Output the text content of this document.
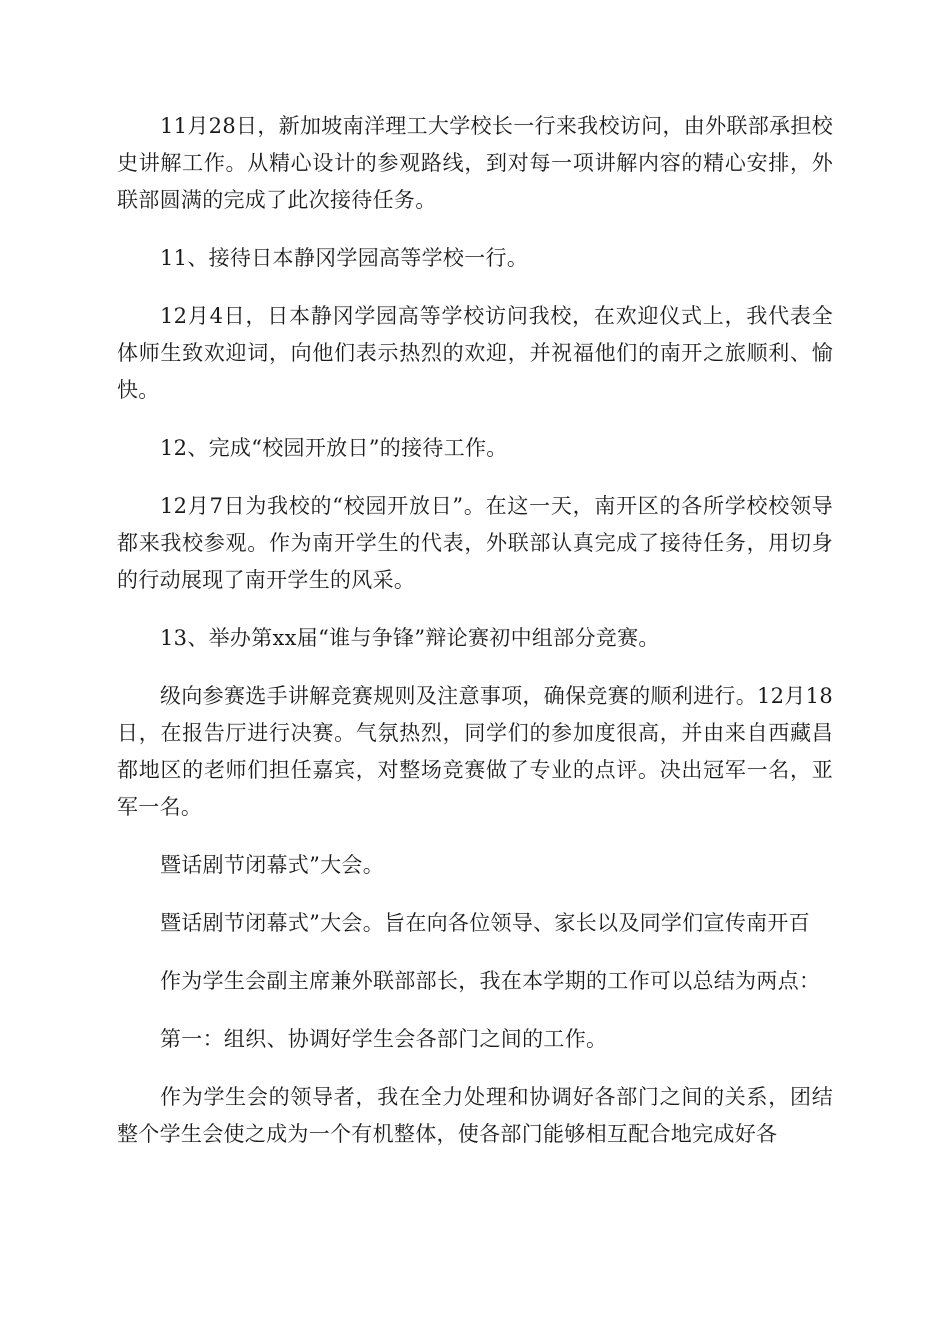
11月28日，新加坡南洋理工大学校长一行来我校访问，由外联部承担校史讲解工作。从精心设计的参观路线，到对每一项讲解内容的精心安排，外联部圆满的完成了此次接待任务。

11、接待日本静冈学园高等学校一行。

12月4日，日本静冈学园高等学校访问我校，在欢迎仪式上，我代表全体师生致欢迎词，向他们表示热烈的欢迎，并祝福他们的南开之旅顺利、愉快。

12、完成“校园开放日”的接待工作。

12月7日为我校的“校园开放日”。在这一天，南开区的各所学校校领导都来我校参观。作为南开学生的代表，外联部认真完成了接待任务，用切身的行动展现了南开学生的风采。

13、举办第xx届“谁与争锋”辩论赛初中组部分竞赛。

级向参赛选手讲解竞赛规则及注意事项，确保竞赛的顺利进行。12月18日，在报告厅进行决赛。气氛热烈，同学们的参加度很高，并由来自西藏昌都地区的老师们担任嘉宾，对整场竞赛做了专业的点评。决出冠军一名，亚军一名。

暨话剧节闭幕式”大会。

暨话剧节闭幕式”大会。旨在向各位领导、家长以及同学们宣传南开百

作为学生会副主席兼外联部部长，我在本学期的工作可以总结为两点：

第一：组织、协调好学生会各部门之间的工作。

作为学生会的领导者，我在全力处理和协调好各部门之间的关系，团结整个学生会使之成为一个有机整体，使各部门能够相互配合地完成好各
